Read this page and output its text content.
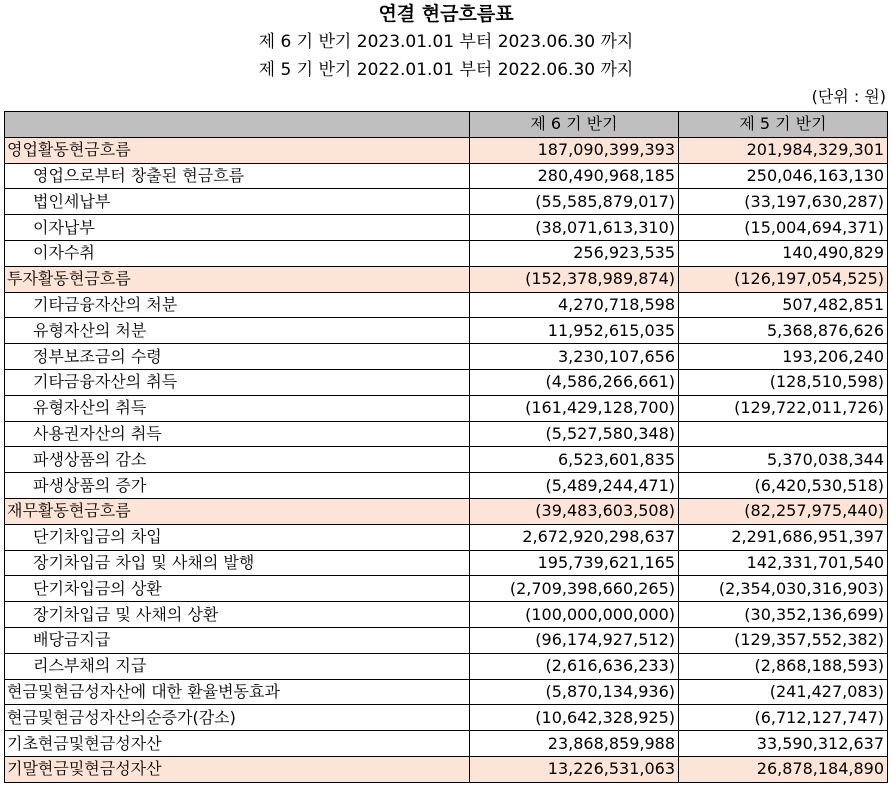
연결 현금흐름표
제 6 기 반기 2023.01.01 부터 2023.06.30 까지
제 5 기 반기 2022.01.01 부터 2022.06.30 까지
(단위 : 원)
	제 6 기 반기	제 5 기 반기
영업활동현금흐름	187,090,399,393	201,984,329,301
영업으로부터 창출된 현금흐름	280,490,968,185	250,046,163,130
법인세납부	(55,585,879,017)	(33,197,630,287)
이자납부	(38,071,613,310)	(15,004,694,371)
이자수취	256,923,535	140,490,829
투자활동현금흐름	(152,378,989,874)	(126,197,054,525)
기타금융자산의 처분	4,270,718,598	507,482,851
유형자산의 처분	11,952,615,035	5,368,876,626
정부보조금의 수령	3,230,107,656	193,206,240
기타금융자산의 취득	(4,586,266,661)	(128,510,598)
유형자산의 취득	(161,429,128,700)	(129,722,011,726)
사용권자산의 취득	(5,527,580,348)	
파생상품의 감소	6,523,601,835	5,370,038,344
파생상품의 증가	(5,489,244,471)	(6,420,530,518)
재무활동현금흐름	(39,483,603,508)	(82,257,975,440)
단기차입금의 차입	2,672,920,298,637	2,291,686,951,397
장기차입금 차입 및 사채의 발행	195,739,621,165	142,331,701,540
단기차입금의 상환	(2,709,398,660,265)	(2,354,030,316,903)
장기차입금 및 사채의 상환	(100,000,000,000)	(30,352,136,699)
배당금지급	(96,174,927,512)	(129,357,552,382)
리스부채의 지급	(2,616,636,233)	(2,868,188,593)
현금및현금성자산에 대한 환율변동효과	(5,870,134,936)	(241,427,083)
현금및현금성자산의순증가(감소)	(10,642,328,925)	(6,712,127,747)
기초현금및현금성자산	23,868,859,988	33,590,312,637
기말현금및현금성자산	13,226,531,063	26,878,184,890
